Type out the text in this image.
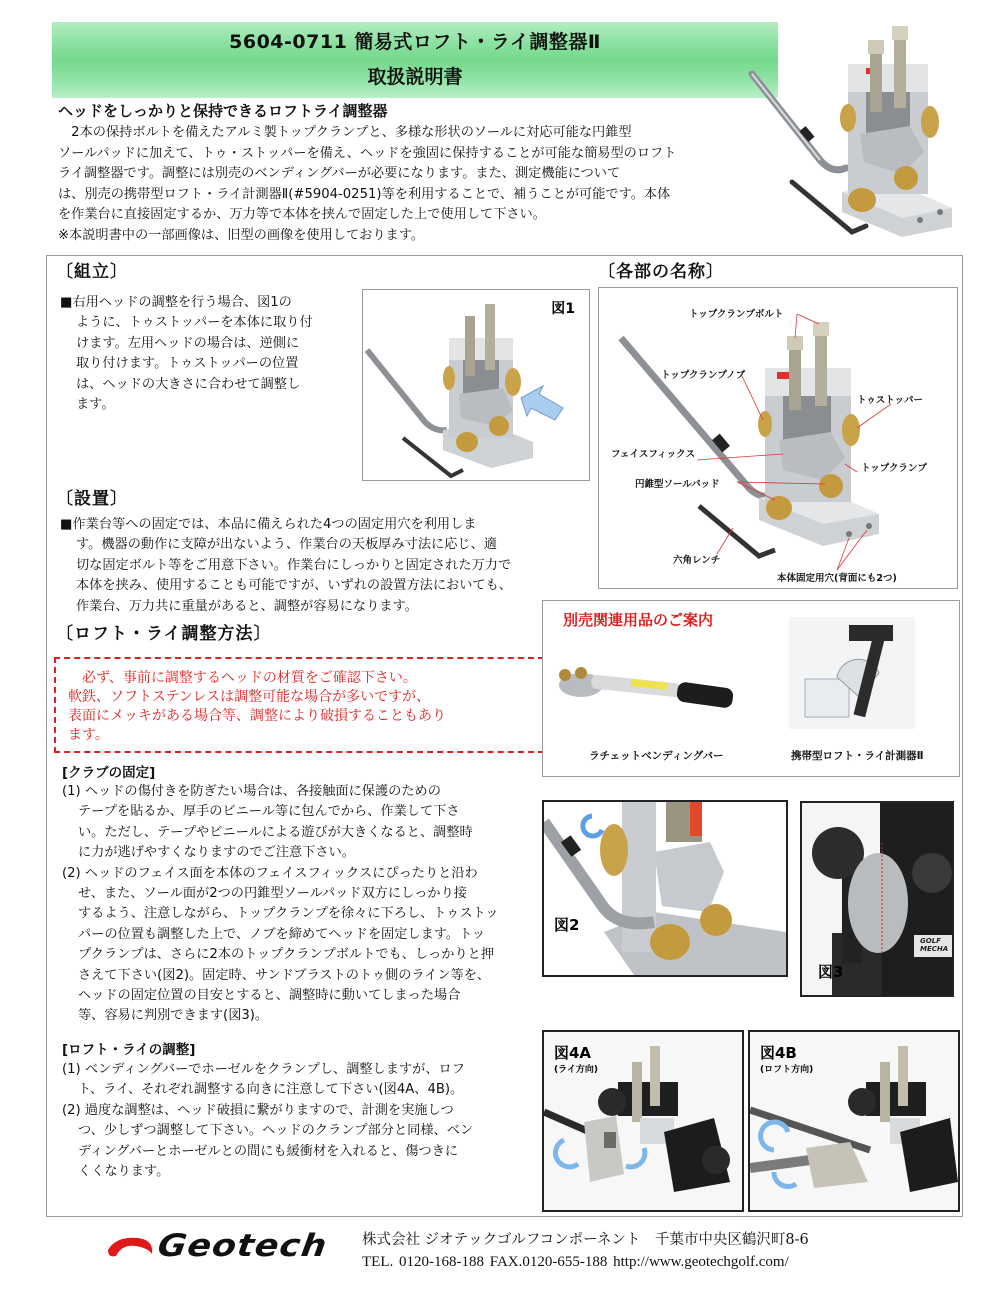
5604-0711 簡易式ロフト・ライ調整器Ⅱ
取扱説明書
ヘッドをしっかりと保持できるロフトライ調整器

　2本の保持ボルトを備えたアルミ製トップクランプと、多様な形状のソールに対応可能な円錐型

ソールパッドに加えて、トゥ・ストッパーを備え、ヘッドを強固に保持することが可能な簡易型のロフト

ライ調整器です。調整には別売のベンディングバーが必要になります。また、測定機能について

は、別売の携帯型ロフト・ライ計測器Ⅱ(#5904-0251)等を利用することで、補うことが可能です。本体

を作業台に直接固定するか、万力等で本体を挟んで固定した上で使用して下さい。

※本説明書中の一部画像は、旧型の画像を使用しております。

〔組立〕

■右用ヘッドの調整を行う場合、図1の

ように、トゥストッパーを本体に取り付

けます。左用ヘッドの場合は、逆側に

取り付けます。トゥストッパーの位置

は、ヘッドの大きさに合わせて調整し

ます。

図1
〔各部の名称〕
トップクランプボルト
トップクランプノブ
トゥストッパー
フェイスフィックス
トップクランプ
円錐型ソールパッド
六角レンチ
本体固定用穴(背面にも2つ)
〔設置〕

■作業台等への固定では、本品に備えられた4つの固定用穴を利用しま

す。機器の動作に支障が出ないよう、作業台の天板厚み寸法に応じ、適

切な固定ボルト等をご用意下さい。作業台にしっかりと固定された万力で

本体を挟み、使用することも可能ですが、いずれの設置方法においても、

作業台、万力共に重量があると、調整が容易になります。

〔ロフト・ライ調整方法〕

　必ず、事前に調整するヘッドの材質をご確認下さい。

軟鉄、ソフトステンレスは調整可能な場合が多いですが、

表面にメッキがある場合等、調整により破損することもあり

ます。

別売関連用品のご案内
ラチェットベンディングバー	携帯型ロフト・ライ計測器Ⅱ
[クラブの固定]

(1) ヘッドの傷付きを防ぎたい場合は、各接触面に保護のための

テープを貼るか、厚手のビニール等に包んでから、作業して下さ

い。ただし、テープやビニールによる遊びが大きくなると、調整時

に力が逃げやすくなりますのでご注意下さい。

(2) ヘッドのフェイス面を本体のフェイスフィックスにぴったりと沿わ

せ、また、ソール面が2つの円錐型ソールパッド双方にしっかり接

するよう、注意しながら、トップクランプを徐々に下ろし、トゥストッ

パーの位置も調整した上で、ノブを締めてヘッドを固定します。トッ

プクランプは、さらに2本のトップクランプボルトでも、しっかりと押

さえて下さい(図2)。固定時、サンドブラストのトゥ側のライン等を、

ヘッドの固定位置の目安とすると、調整時に動いてしまった場合

等、容易に判別できます(図3)。

図2
GOLF MECHA
図3
[ロフト・ライの調整]

(1) ベンディングバーでホーゼルをクランプし、調整しますが、ロフ

ト、ライ、それぞれ調整する向きに注意して下さい(図4A、4B)。

(2) 過度な調整は、ヘッド破損に繋がりますので、計測を実施しつ

つ、少しずつ調整して下さい。ヘッドのクランプ部分と同様、ベン

ディングバーとホーゼルとの間にも緩衝材を入れると、傷つきに

くくなります。

図4A
(ライ方向)
図4B
(ロフト方向)
Geotech 株式会社 ジオテックゴルフコンポーネント　千葉市中央区鶴沢町8-6
TEL. 0120-168-188 FAX.0120-655-188 http://www.geotechgolf.com/
